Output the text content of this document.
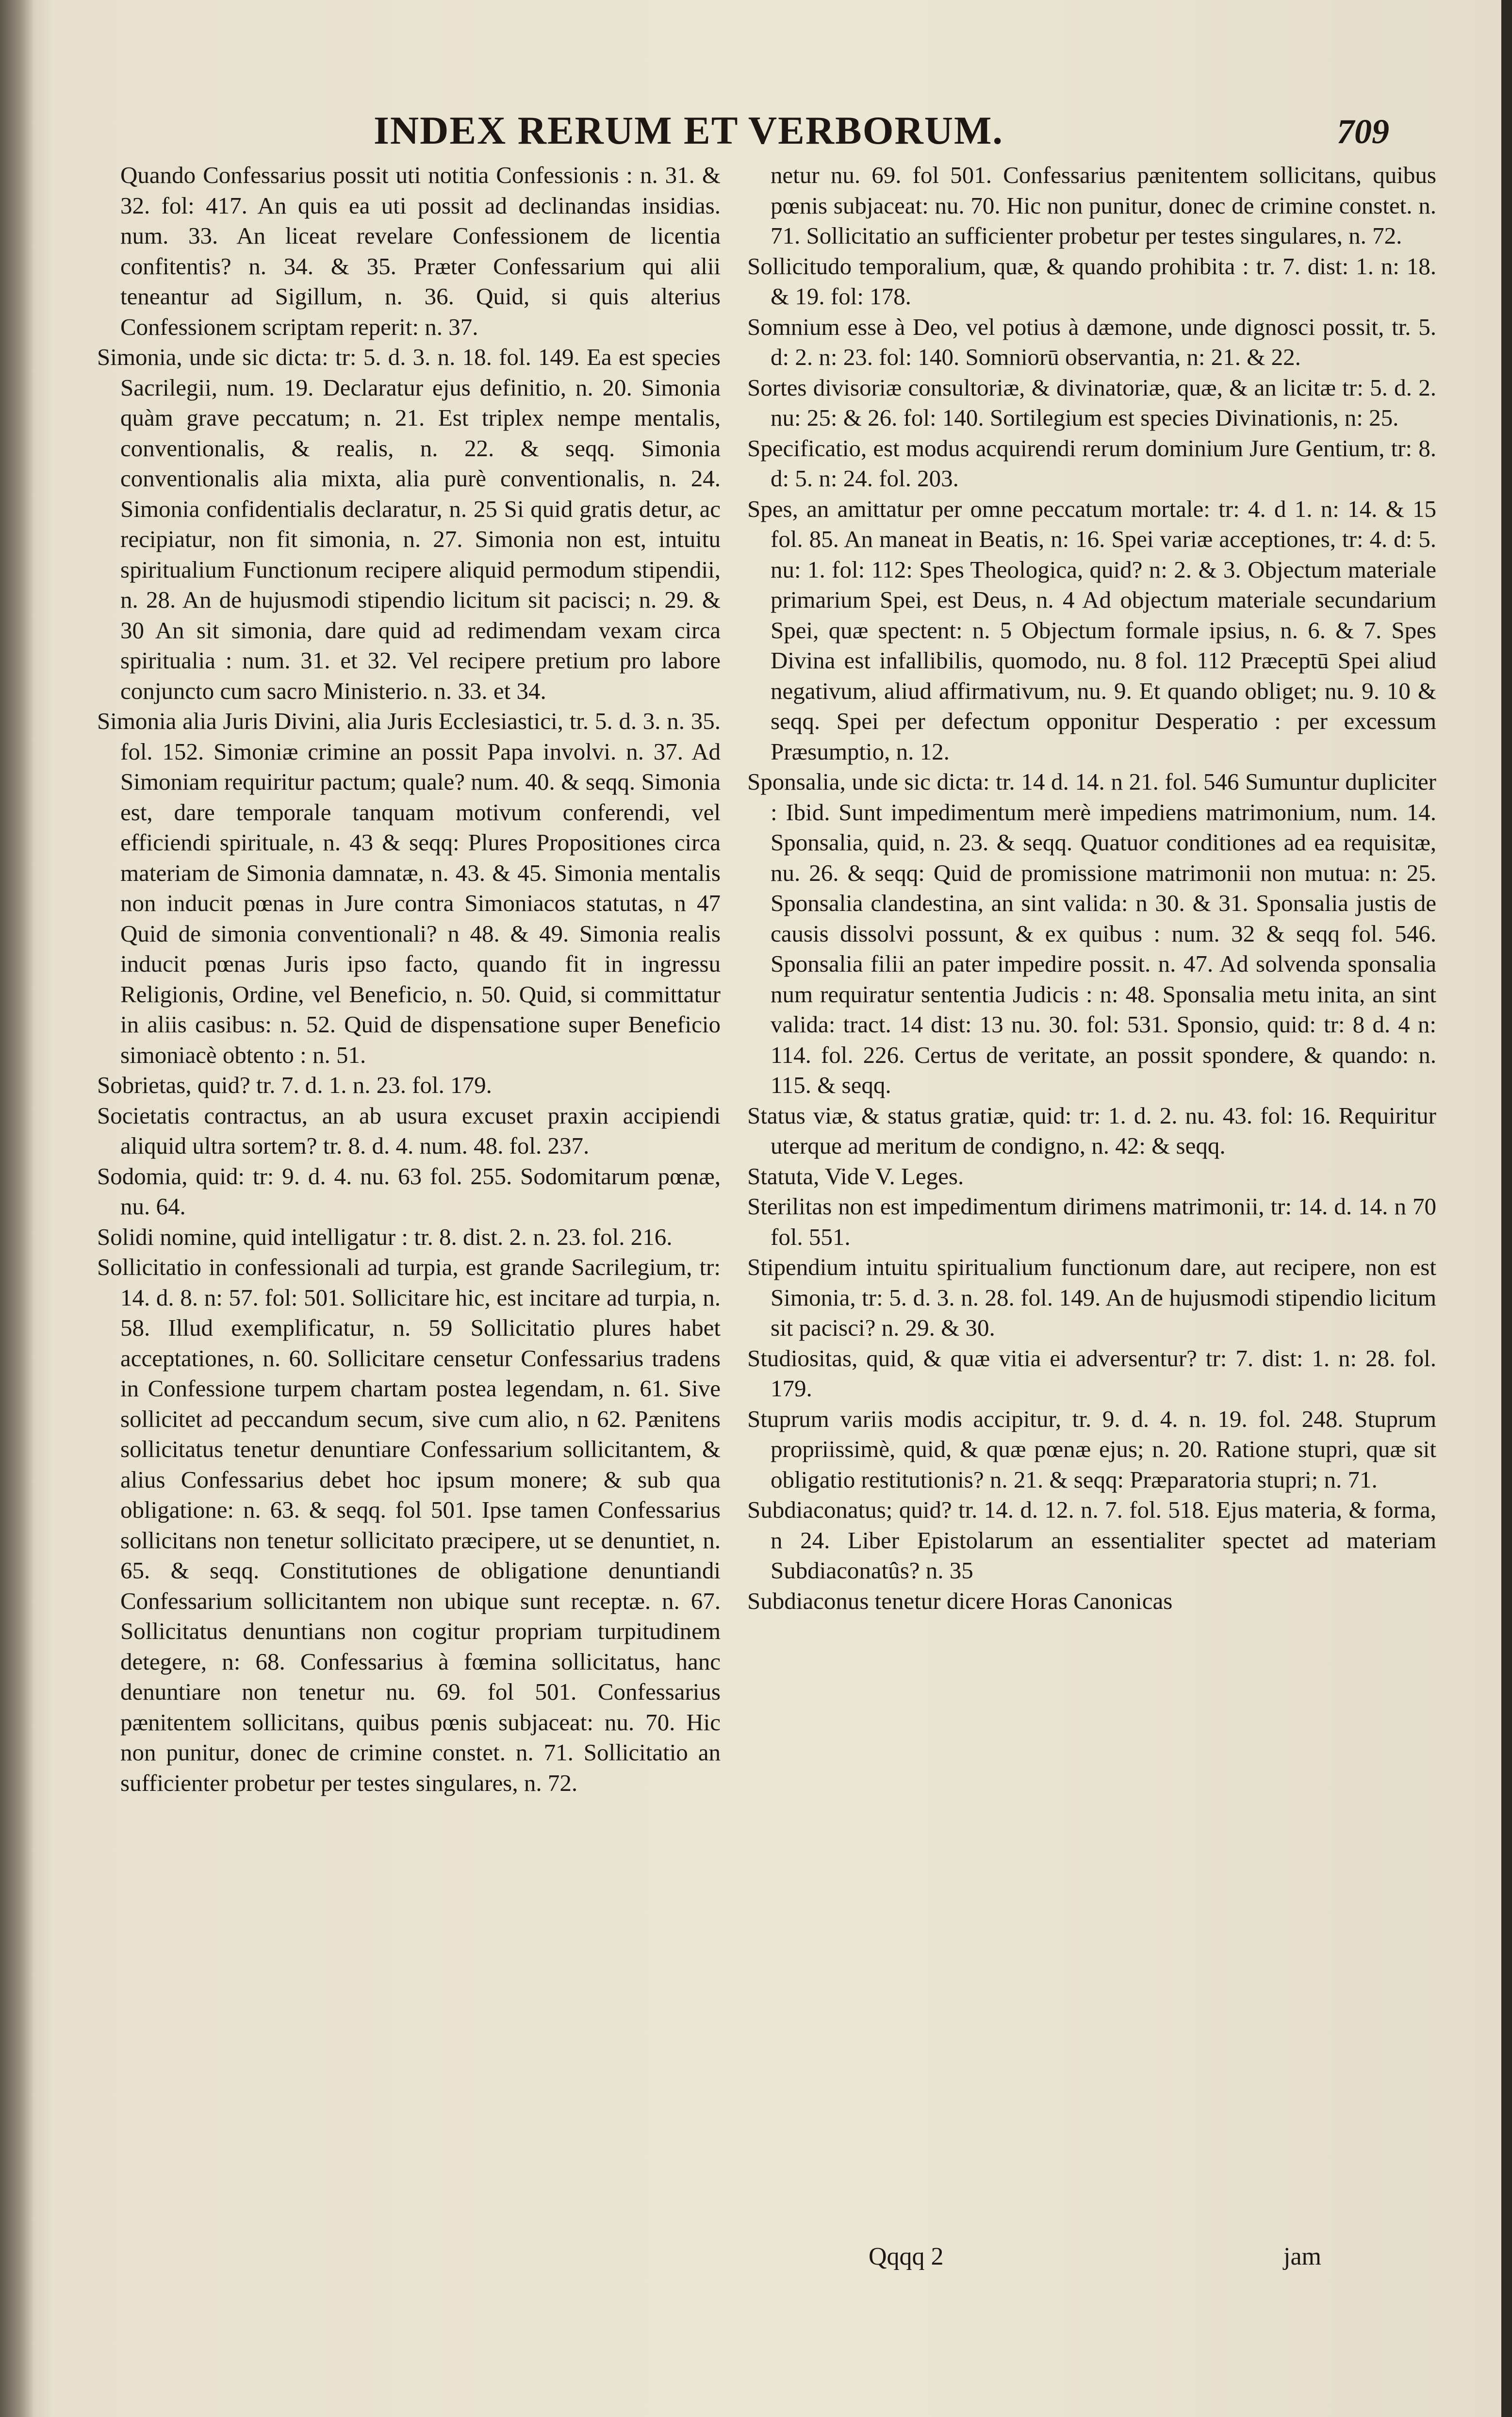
INDEX RERUM ET VERBORUM.	709

Quando Confessarius possit uti notitia Confessionis : n. 31. & 32. fol: 417. An quis ea uti possit ad declinandas insidias. num. 33. An liceat revelare Confessionem de licentia confitentis? n. 34. & 35. Præter Confessarium qui alii teneantur ad Sigillum, n. 36. Quid, si quis alterius Confessionem scriptam reperit: n. 37.

Simonia, unde sic dicta: tr: 5. d. 3. n. 18. fol. 149. Ea est species Sacrilegii, num. 19. Declaratur ejus definitio, n. 20. Simonia quàm grave peccatum; n. 21. Est triplex nempe mentalis, conventionalis, & realis, n. 22. & seqq. Simonia conventionalis alia mixta, alia purè conventionalis, n. 24. Simonia confidentialis declaratur, n. 25 Si quid gratis detur, ac recipiatur, non fit simonia, n. 27. Simonia non est, intuitu spiritualium Functionum recipere aliquid permodum stipendii, n. 28. An de hujusmodi stipendio licitum sit pacisci; n. 29. & 30 An sit simonia, dare quid ad redimendam vexam circa spiritualia : num. 31. et 32. Vel recipere pretium pro labore conjuncto cum sacro Ministerio. n. 33. et 34.

Simonia alia Juris Divini, alia Juris Ecclesiastici, tr. 5. d. 3. n. 35. fol. 152. Simoniæ crimine an possit Papa involvi. n. 37. Ad Simoniam requiritur pactum; quale? num. 40. & seqq. Simonia est, dare temporale tanquam motivum conferendi, vel efficiendi spirituale, n. 43 & seqq: Plures Propositiones circa materiam de Simonia damnatæ, n. 43. & 45. Simonia mentalis non inducit pœnas in Jure contra Simoniacos statutas, n 47 Quid de simonia conventionali? n 48. & 49. Simonia realis inducit pœnas Juris ipso facto, quando fit in ingressu Religionis, Ordine, vel Beneficio, n. 50. Quid, si committatur in aliis casibus: n. 52. Quid de dispensatione super Beneficio simoniacè obtento : n. 51.

Sobrietas, quid? tr. 7. d. 1. n. 23. fol. 179.

Societatis contractus, an ab usura excuset praxin accipiendi aliquid ultra sortem? tr. 8. d. 4. num. 48. fol. 237.

Sodomia, quid: tr: 9. d. 4. nu. 63 fol. 255. Sodomitarum pœnæ, nu. 64.

Solidi nomine, quid intelligatur : tr. 8. dist. 2. n. 23. fol. 216.

Sollicitatio in confessionali ad turpia, est grande Sacrilegium, tr: 14. d. 8. n: 57. fol: 501. Sollicitare hic, est incitare ad turpia, n. 58. Illud exemplificatur, n. 59 Sollicitatio plures habet acceptationes, n. 60. Sollicitare censetur Confessarius tradens in Confessione turpem chartam postea legendam, n. 61. Sive sollicitet ad peccandum secum, sive cum alio, n 62. Pænitens sollicitatus tenetur denuntiare Confessarium sollicitantem, & alius Confessarius debet hoc ipsum monere; & sub qua obligatione: n. 63. & seqq. fol 501. Ipse tamen Confessarius sollicitans non tenetur sollicitato præcipere, ut se denuntiet, n. 65. & seqq. Constitutiones de obligatione denuntiandi Confessarium sollicitantem non ubique sunt receptæ. n. 67. Sollicitatus denuntians non cogitur propriam turpitudinem detegere, n: 68. Confessarius à fœmina sollicitatus, hanc denuntiare non tenetur nu. 69. fol 501. Confessarius pænitentem sollicitans, quibus pœnis subjaceat: nu. 70. Hic non punitur, donec de crimine constet. n. 71. Sollicitatio an sufficienter probetur per testes singulares, n. 72.

netur nu. 69. fol 501. Confessarius pænitentem sollicitans, quibus pœnis subjaceat: nu. 70. Hic non punitur, donec de crimine constet. n. 71. Sollicitatio an sufficienter probetur per testes singulares, n. 72.

Sollicitudo temporalium, quæ, & quando prohibita : tr. 7. dist: 1. n: 18. & 19. fol: 178.

Somnium esse à Deo, vel potius à dæmone, unde dignosci possit, tr. 5. d: 2. n: 23. fol: 140. Somniorū observantia, n: 21. & 22.

Sortes divisoriæ consultoriæ, & divinatoriæ, quæ, & an licitæ tr: 5. d. 2. nu: 25: & 26. fol: 140. Sortilegium est species Divinationis, n: 25.

Specificatio, est modus acquirendi rerum dominium Jure Gentium, tr: 8. d: 5. n: 24. fol. 203.

Spes, an amittatur per omne peccatum mortale: tr: 4. d 1. n: 14. & 15 fol. 85. An maneat in Beatis, n: 16. Spei variæ acceptiones, tr: 4. d: 5. nu: 1. fol: 112: Spes Theologica, quid? n: 2. & 3. Objectum materiale primarium Spei, est Deus, n. 4 Ad objectum materiale secundarium Spei, quæ spectent: n. 5 Objectum formale ipsius, n. 6. & 7. Spes Divina est infallibilis, quomodo, nu. 8 fol. 112 Præceptū Spei aliud negativum, aliud affirmativum, nu. 9. Et quando obliget; nu. 9. 10 & seqq. Spei per defectum opponitur Desperatio : per excessum Præsumptio, n. 12.

Sponsalia, unde sic dicta: tr. 14 d. 14. n 21. fol. 546 Sumuntur dupliciter : Ibid. Sunt impedimentum merè impediens matrimonium, num. 14. Sponsalia, quid, n. 23. & seqq. Quatuor conditiones ad ea requisitæ, nu. 26. & seqq: Quid de promissione matrimonii non mutua: n: 25. Sponsalia clandestina, an sint valida: n 30. & 31. Sponsalia justis de causis dissolvi possunt, & ex quibus : num. 32 & seqq fol. 546. Sponsalia filii an pater impedire possit. n. 47. Ad solvenda sponsalia num requiratur sententia Judicis : n: 48. Sponsalia metu inita, an sint valida: tract. 14 dist: 13 nu. 30. fol: 531. Sponsio, quid: tr: 8 d. 4 n: 114. fol. 226. Certus de veritate, an possit spondere, & quando: n. 115. & seqq.

Status viæ, & status gratiæ, quid: tr: 1. d. 2. nu. 43. fol: 16. Requiritur uterque ad meritum de condigno, n. 42: & seqq.

Statuta, Vide V. Leges.

Sterilitas non est impedimentum dirimens matrimonii, tr: 14. d. 14. n 70 fol. 551.

Stipendium intuitu spiritualium functionum dare, aut recipere, non est Simonia, tr: 5. d. 3. n. 28. fol. 149. An de hujusmodi stipendio licitum sit pacisci? n. 29. & 30.

Studiositas, quid, & quæ vitia ei adversentur? tr: 7. dist: 1. n: 28. fol. 179.

Stuprum variis modis accipitur, tr. 9. d. 4. n. 19. fol. 248. Stuprum propriissimè, quid, & quæ pœnæ ejus; n. 20. Ratione stupri, quæ sit obligatio restitutionis? n. 21. & seqq: Præparatoria stupri; n. 71.

Subdiaconatus; quid? tr. 14. d. 12. n. 7. fol. 518. Ejus materia, & forma, n 24. Liber Epistolarum an essentialiter spectet ad materiam Subdiaconatûs? n. 35

Subdiaconus tenetur dicere Horas Canonicas

Qqqq 2	jam
